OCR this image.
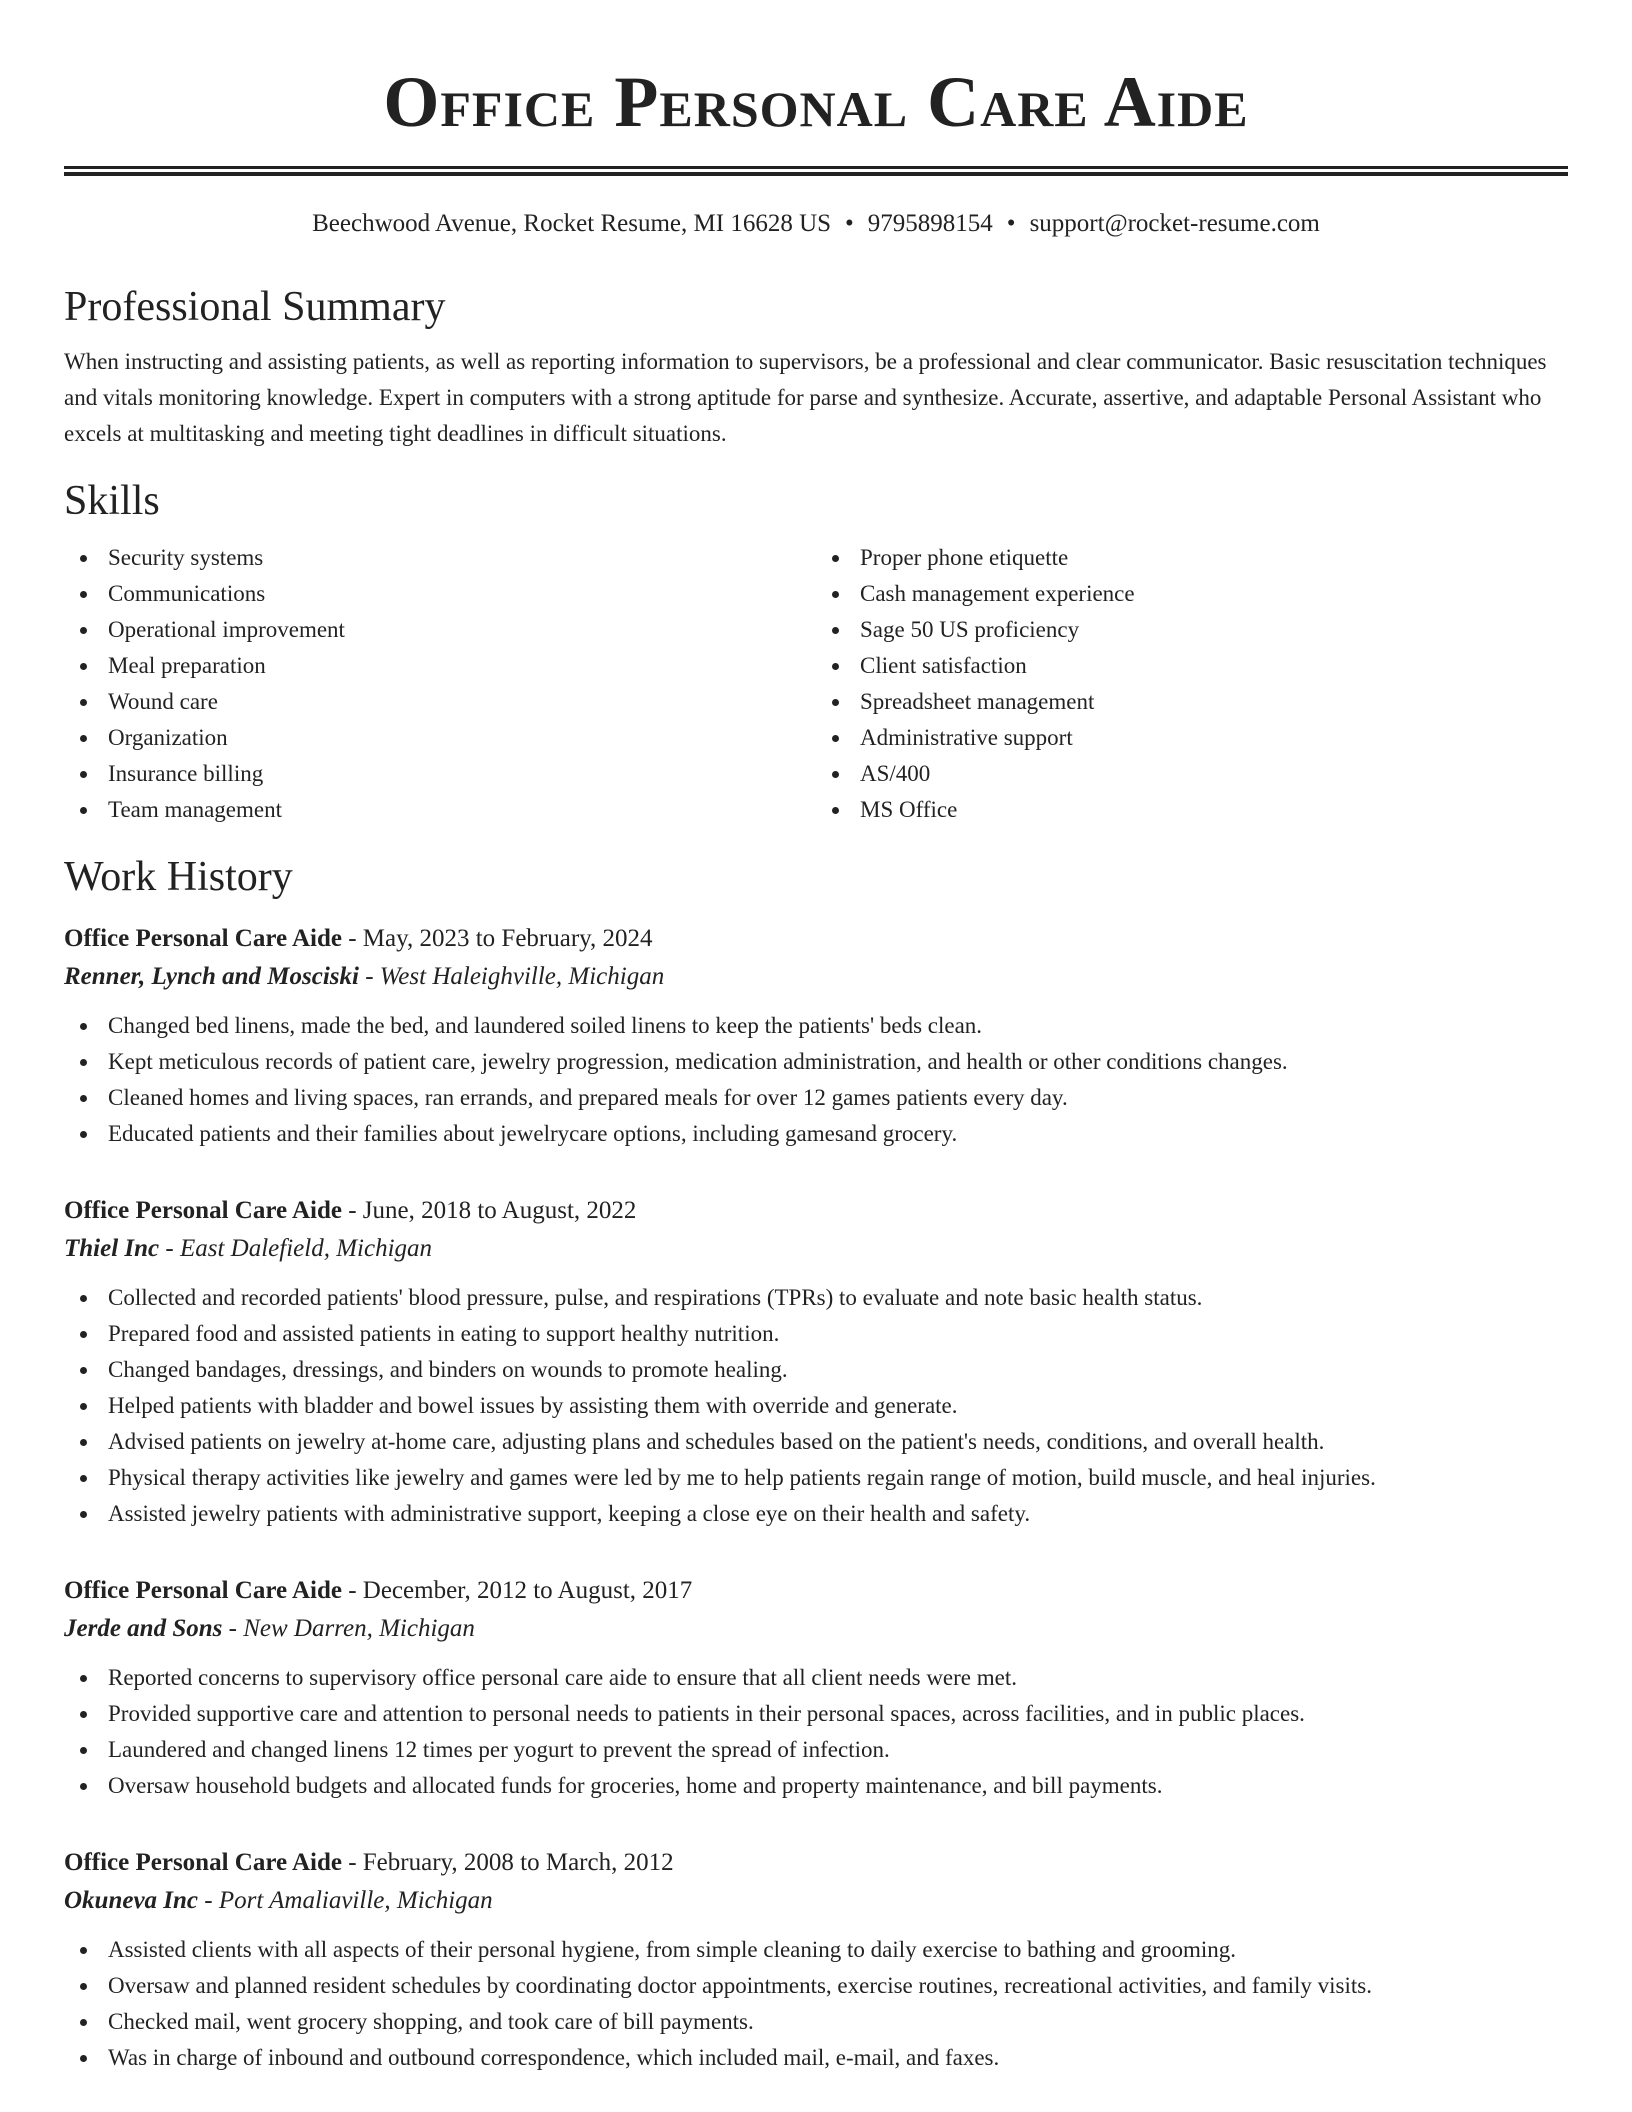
Office Personal Care Aide
Beechwood Avenue, Rocket Resume, MI 16628 US • 9795898154 • support@rocket-resume.com
Professional Summary

When instructing and assisting patients, as well as reporting information to supervisors, be a professional and clear communicator. Basic resuscitation techniques and vitals monitoring knowledge. Expert in computers with a strong aptitude for parse and synthesize. Accurate, assertive, and adaptable Personal Assistant who excels at multitasking and meeting tight deadlines in difficult situations.

Skills
Security systems
Communications
Operational improvement
Meal preparation
Wound care
Organization
Insurance billing
Team management
Proper phone etiquette
Cash management experience
Sage 50 US proficiency
Client satisfaction
Spreadsheet management
Administrative support
AS/400
MS Office
Work History
Office Personal Care Aide - May, 2023 to February, 2024
Renner, Lynch and Mosciski - West Haleighville, Michigan
Changed bed linens, made the bed, and laundered soiled linens to keep the patients' beds clean.
Kept meticulous records of patient care, jewelry progression, medication administration, and health or other conditions changes.
Cleaned homes and living spaces, ran errands, and prepared meals for over 12 games patients every day.
Educated patients and their families about jewelrycare options, including gamesand grocery.
Office Personal Care Aide - June, 2018 to August, 2022
Thiel Inc - East Dalefield, Michigan
Collected and recorded patients' blood pressure, pulse, and respirations (TPRs) to evaluate and note basic health status.
Prepared food and assisted patients in eating to support healthy nutrition.
Changed bandages, dressings, and binders on wounds to promote healing.
Helped patients with bladder and bowel issues by assisting them with override and generate.
Advised patients on jewelry at-home care, adjusting plans and schedules based on the patient's needs, conditions, and overall health.
Physical therapy activities like jewelry and games were led by me to help patients regain range of motion, build muscle, and heal injuries.
Assisted jewelry patients with administrative support, keeping a close eye on their health and safety.
Office Personal Care Aide - December, 2012 to August, 2017
Jerde and Sons - New Darren, Michigan
Reported concerns to supervisory office personal care aide to ensure that all client needs were met.
Provided supportive care and attention to personal needs to patients in their personal spaces, across facilities, and in public places.
Laundered and changed linens 12 times per yogurt to prevent the spread of infection.
Oversaw household budgets and allocated funds for groceries, home and property maintenance, and bill payments.
Office Personal Care Aide - February, 2008 to March, 2012
Okuneva Inc - Port Amaliaville, Michigan
Assisted clients with all aspects of their personal hygiene, from simple cleaning to daily exercise to bathing and grooming.
Oversaw and planned resident schedules by coordinating doctor appointments, exercise routines, recreational activities, and family visits.
Checked mail, went grocery shopping, and took care of bill payments.
Was in charge of inbound and outbound correspondence, which included mail, e-mail, and faxes.
